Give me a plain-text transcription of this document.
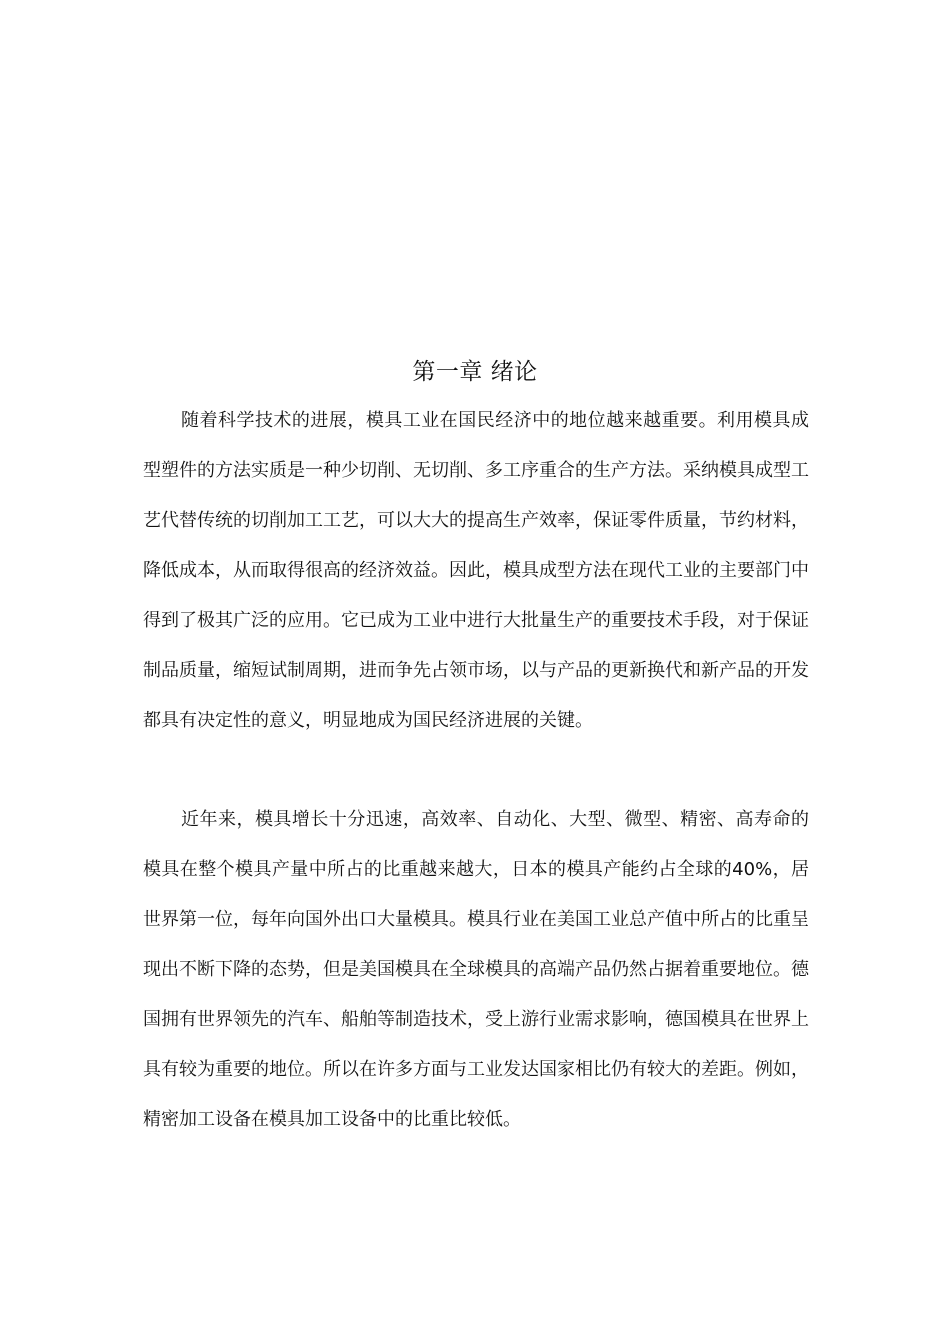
第一章 绪论

随着科学技术的进展，模具工业在国民经济中的地位越来越重要。利用模具成型塑件的方法实质是一种少切削、无切削、多工序重合的生产方法。采纳模具成型工艺代替传统的切削加工工艺，可以大大的提高生产效率，保证零件质量，节约材料，降低成本，从而取得很高的经济效益。因此，模具成型方法在现代工业的主要部门中得到了极其广泛的应用。它已成为工业中进行大批量生产的重要技术手段，对于保证制品质量，缩短试制周期，进而争先占领市场，以与产品的更新换代和新产品的开发都具有决定性的意义，明显地成为国民经济进展的关键。

近年来，模具增长十分迅速，高效率、自动化、大型、微型、精密、高寿命的模具在整个模具产量中所占的比重越来越大，日本的模具产能约占全球的40%，居世界第一位，每年向国外出口大量模具。模具行业在美国工业总产值中所占的比重呈现出不断下降的态势，但是美国模具在全球模具的高端产品仍然占据着重要地位。德国拥有世界领先的汽车、船舶等制造技术，受上游行业需求影响，德国模具在世界上具有较为重要的地位。所以在许多方面与工业发达国家相比仍有较大的差距。例如，精密加工设备在模具加工设备中的比重比较低。
